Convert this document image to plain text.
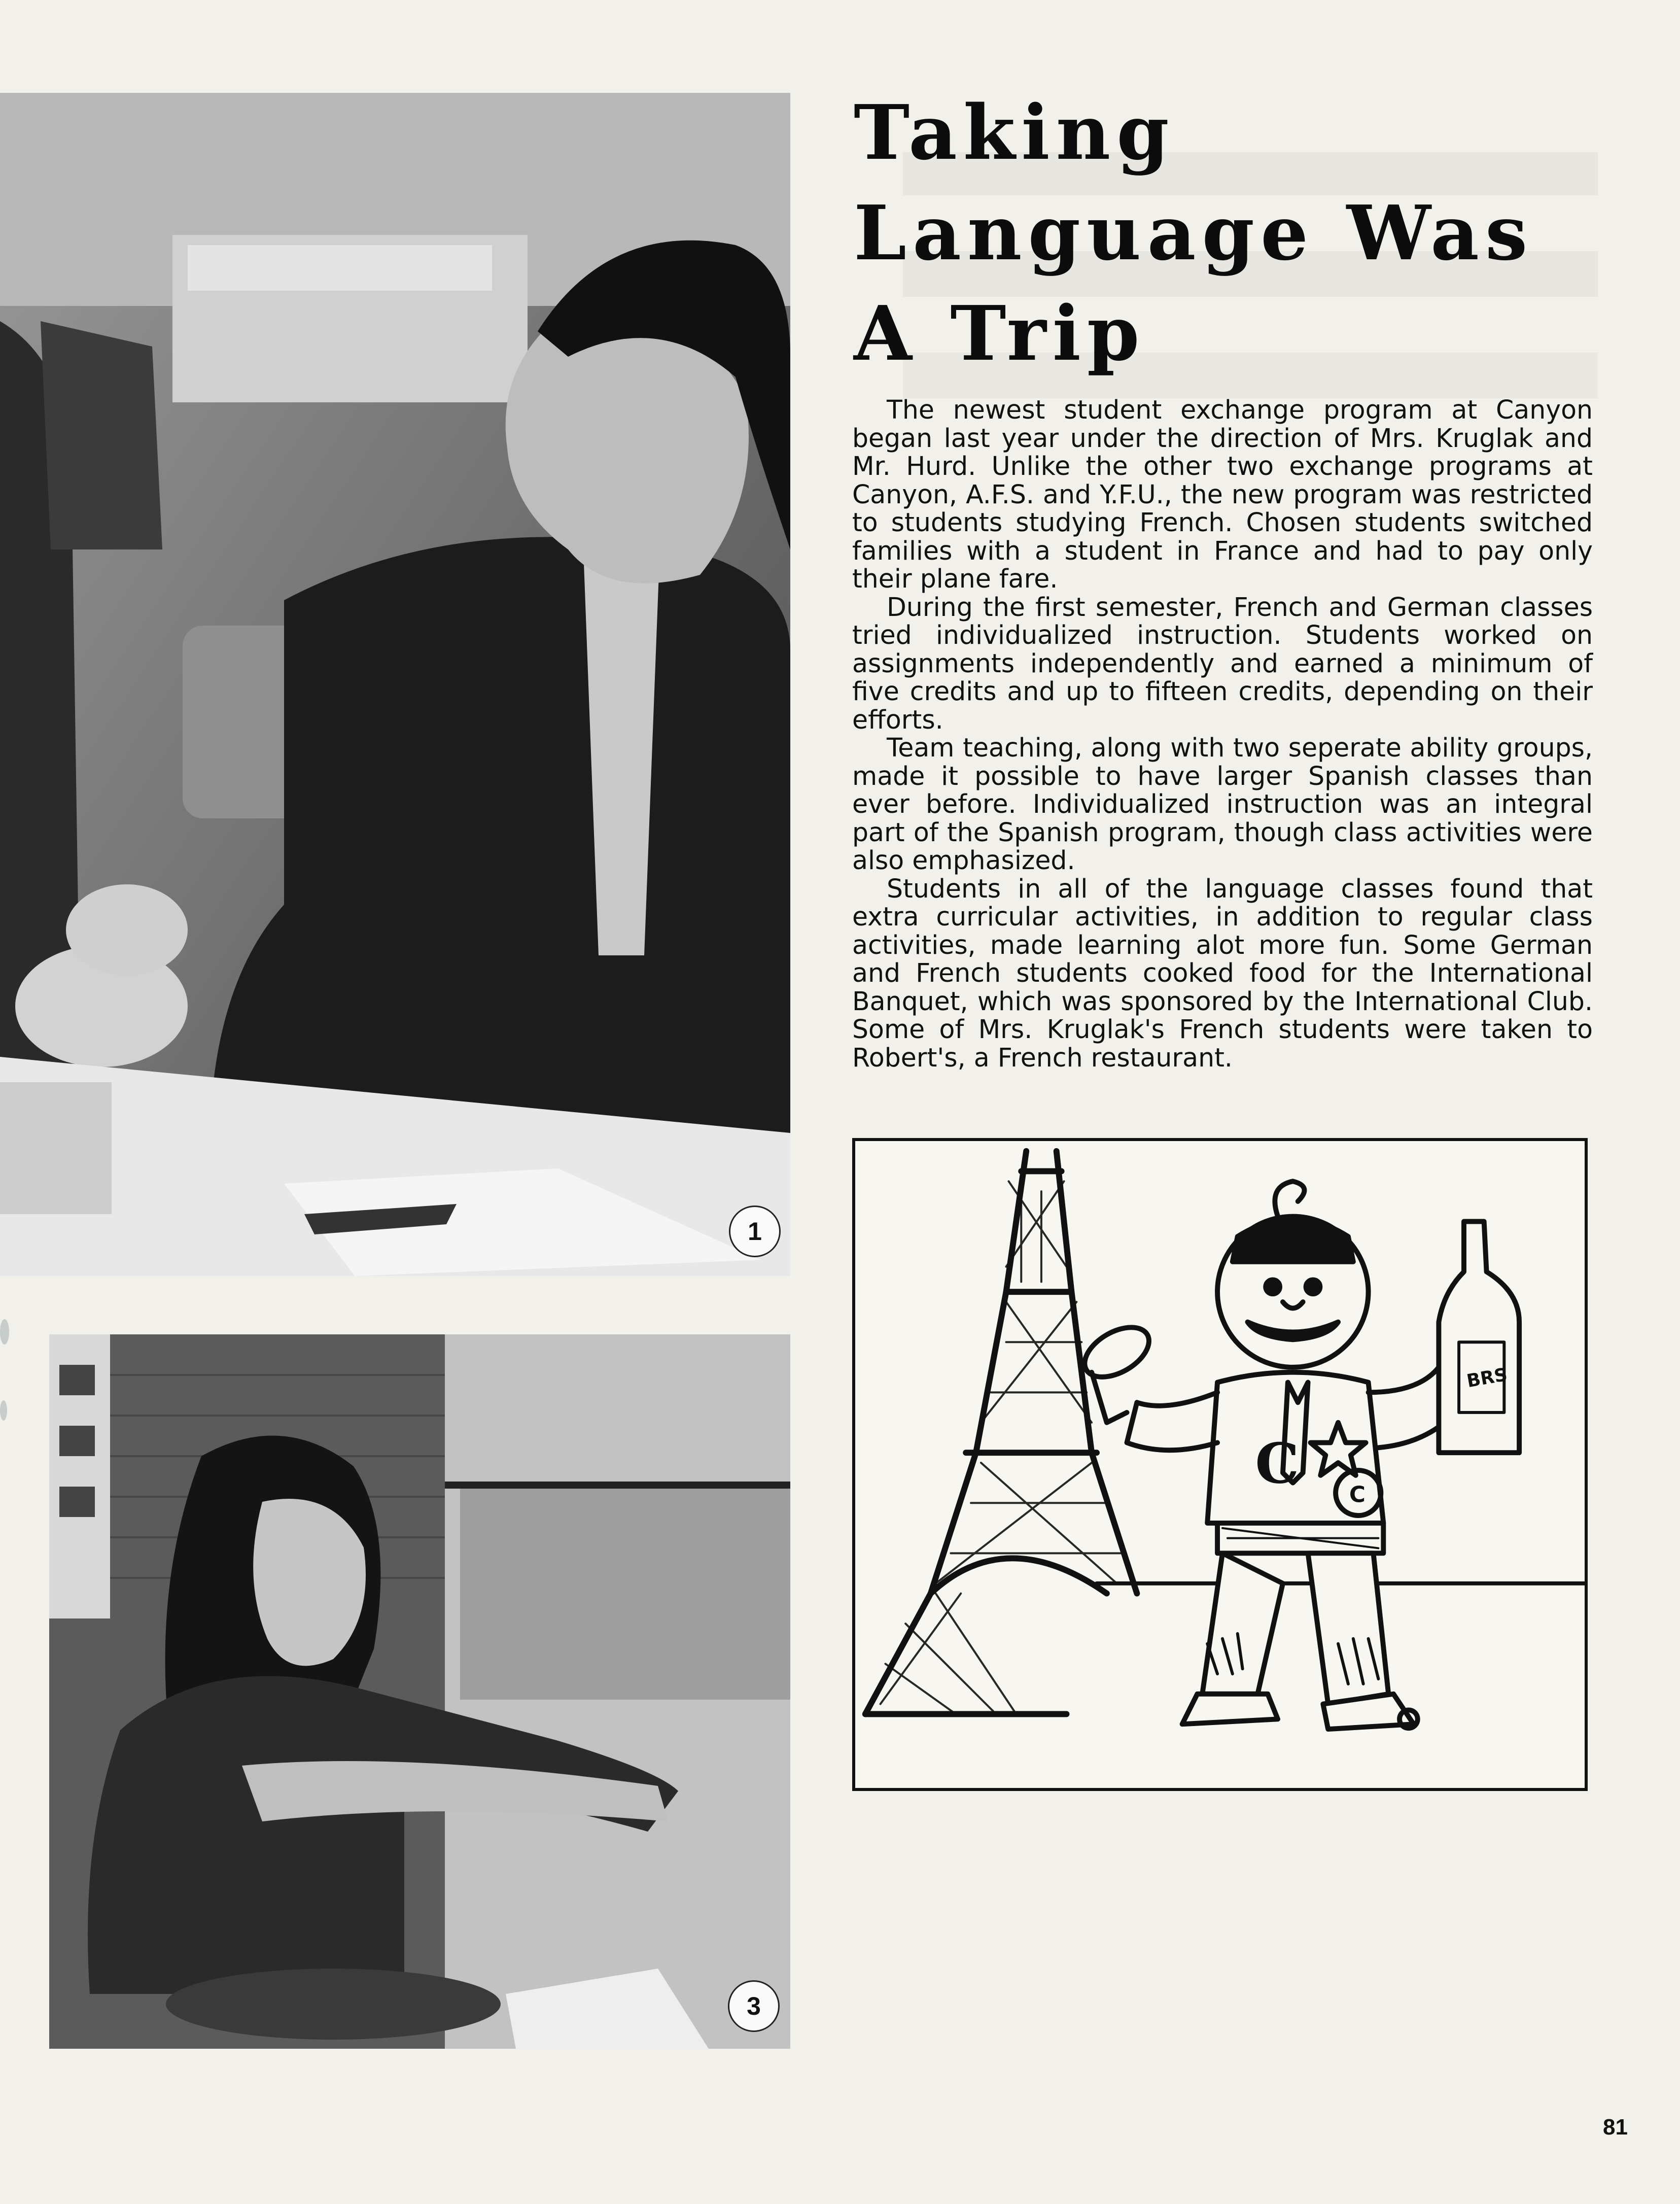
1
3
Taking
Language Was
A Trip

The newest student exchange program at Canyon began last year under the direction of Mrs. Kruglak and Mr. Hurd. Unlike the other two exchange programs at Canyon, A.F.S. and Y.F.U., the new program was restricted to students studying French. Chosen students switched families with a student in France and had to pay only their plane fare.

During the first semester, French and German classes tried individualized instruction. Students worked on assignments independently and earned a minimum of five credits and up to fifteen credits, depending on their efforts.

Team teaching, along with two seperate ability groups, made it possible to have larger Spanish classes than ever before. Individualized instruction was an integral part of the Spanish program, though class activities were also emphasized.

Students in all of the language classes found that extra curricular activities, in addition to regular class activities, made learning alot more fun. Some German and French students cooked food for the International Banquet, which was sponsored by the International Club. Some of Mrs. Kruglak's French students were taken to Robert's, a French restaurant.

C C
BRS
81
